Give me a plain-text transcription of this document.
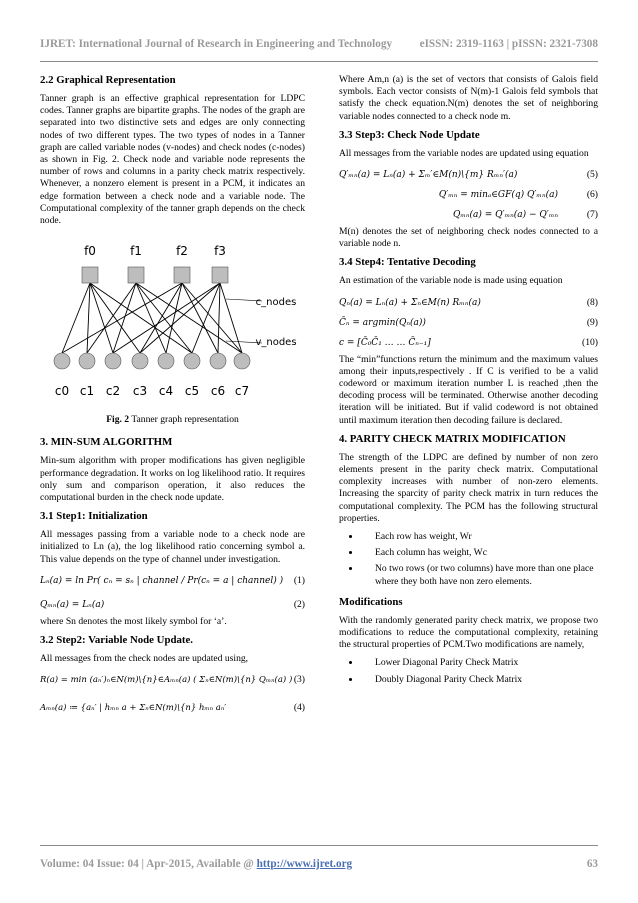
IJRET: International Journal of Research in Engineering and Technology eISSN: 2319-1163 | pISSN: 2321-7308
2.2 Graphical Representation

Tanner graph is an effective graphical representation for LDPC codes. Tanner graphs are bipartite graphs. The nodes of the graph are separated into two distinctive sets and edges are only connecting nodes of two different types. The two types of nodes in a Tanner graph are called variable nodes (v-nodes) and check nodes (c-nodes) as shown in Fig. 2. Check node and variable node represents the number of rows and columns in a parity check matrix respectively. Whenever, a nonzero element is present in a PCM, it indicates an edge formation between a check node and a variable node. The Computational complexity of the tanner graph depends on the check node.

f0	f1	f2 f3
c0 c1 c2 c3 c4 c5 c6 c7
c_nodes
v_nodes
Fig. 2 Tanner graph representation
3. MIN-SUM ALGORITHM

Min-sum algorithm with proper modifications has given negligible performance degradation. It works on log likelihood ratio. It requires only sum and comparison operation, it also reduces the computational burden in the check node update.

3.1 Step1: Initialization

All messages passing from a variable node to a check node are initialized to Ln (a), the log likelihood ratio concerning symbol a. This value depends on the type of channel under investigation.

Lₙ(a) = ln Pr( cₙ = sₙ | channel / Pr(cₙ = a | channel) ) (1)
Qₘₙ(a) = Lₙ(a)	(2)

where Sn denotes the most likely symbol for ‘a’.

3.2 Step2: Variable Node Update.

All messages from the check nodes are updated using,

R(a) = min (aₙ′)ₙ∈N(m)\{n}∈Aₘₙ(a) ( Σₙ∈N(m)\{n} Qₘₙ(a) ) (3)
Aₘₙ(a) ≔ {aₙ′ | hₘₙ a + Σₙ∈N(m)\{n} hₘₙ aₙ′	(4)

Where Am,n (a) is the set of vectors that consists of Galois field symbols. Each vector consists of N(m)-1 Galois feld symbols that satisfy the check equation.N(m) denotes the set of neighboring variable nodes connected to a check node m.

3.3 Step3: Check Node Update

All messages from the variable nodes are updated using equation

Q′ₘₙ(a) = Lₙ(a) + Σₘ′∈M(n)\{m} Rₘₙ′(a)	(5)
Q′ₘₙ = minₐ∈GF(q) Q′ₘₙ(a)	(6)
Qₘₙ(a) = Q′ₘₙ(a) − Q′ₘₙ	(7)

M(n) denotes the set of neighboring check nodes connected to a variable node n.

3.4 Step4: Tentative Decoding

An estimation of the variable node is made using equation

Qₙ(a) = Lₙ(a) + Σₙ∈M(n) Rₘₙ(a)	(8)
C̄ₙ = argmin(Qₙ(a))	(9)
c = [C̄₀C̄₁ … … C̄ₙ₋₁]	(10)

The “min”functions return the minimum and the maximum values among their inputs,respectively . If C is verified to be a valid codeword or maximum iteration number L is reached ,then the decoding process will be terminated. Otherwise another decoding iteration will be initiated. But if valid codeword is not obtained until maximum iteration then decoding failure is declared.

4. PARITY CHECK MATRIX MODIFICATION

The strength of the LDPC are defined by number of non zero elements present in the parity check matrix. Computational complexity increases with number of non-zero elements. Increasing the sparcity of parity check matrix in turn reduces the computational complexity. The PCM has the following structural properties.

• Each row has weight, Wr
• Each column has weight, Wc
• No two rows (or two columns) have more than one place where they both have non zero elements.
Modifications

With the randomly generated parity check matrix, we propose two modifications to reduce the computational complexity, retaining the structural properties of PCM.Two modifications are namely,

• Lower Diagonal Parity Check Matrix
• Doubly Diagonal Parity Check Matrix
Volume: 04 Issue: 04 | Apr-2015, Available @ http://www.ijret.org	63
